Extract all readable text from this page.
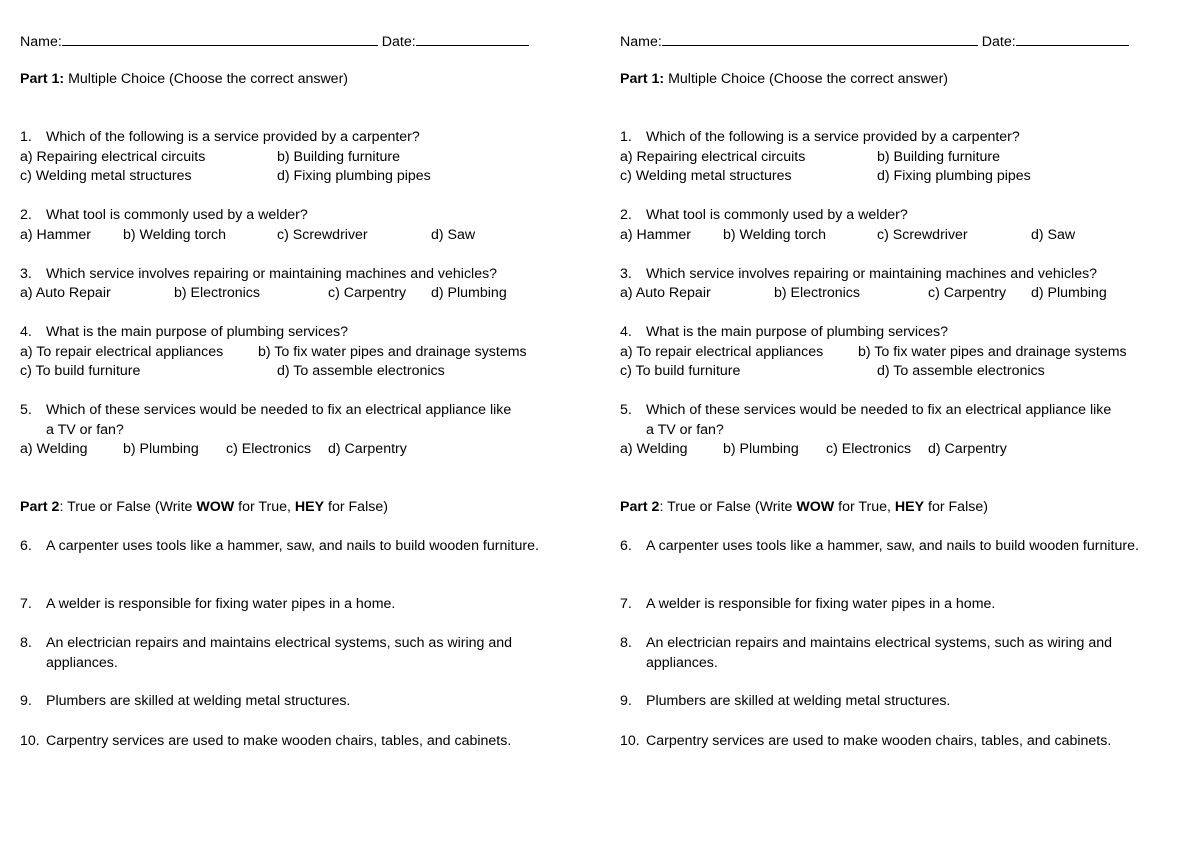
Name:	Date:
Part 1: Multiple Choice (Choose the correct answer)
1. Which of the following is a service provided by a carpenter?
a) Repairing electrical circuits	b) Building furniture
c) Welding metal structures	d) Fixing plumbing pipes
2. What tool is commonly used by a welder?
a) Hammer b) Welding torch	c) Screwdriver	d) Saw
3. Which service involves repairing or maintaining machines and vehicles?
a) Auto Repair	b) Electronics	c) Carpentry d) Plumbing
4. What is the main purpose of plumbing services?
a) To repair electrical appliances b) To fix water pipes and drainage systems
c) To build furniture	d) To assemble electronics
5. Which of these services would be needed to fix an electrical appliance like
a TV or fan?
a) Welding b) Plumbing c) Electronics d) Carpentry
Part 2: True or False (Write WOW for True, HEY for False)
6. A carpenter uses tools like a hammer, saw, and nails to build wooden furniture.
7. A welder is responsible for fixing water pipes in a home.
8. An electrician repairs and maintains electrical systems, such as wiring and appliances.
9. Plumbers are skilled at welding metal structures.
10. Carpentry services are used to make wooden chairs, tables, and cabinets.
Name:	Date:
Part 1: Multiple Choice (Choose the correct answer)
1. Which of the following is a service provided by a carpenter?
a) Repairing electrical circuits	b) Building furniture
c) Welding metal structures	d) Fixing plumbing pipes
2. What tool is commonly used by a welder?
a) Hammer b) Welding torch	c) Screwdriver	d) Saw
3. Which service involves repairing or maintaining machines and vehicles?
a) Auto Repair	b) Electronics	c) Carpentry d) Plumbing
4. What is the main purpose of plumbing services?
a) To repair electrical appliances b) To fix water pipes and drainage systems
c) To build furniture	d) To assemble electronics
5. Which of these services would be needed to fix an electrical appliance like
a TV or fan?
a) Welding b) Plumbing c) Electronics d) Carpentry
Part 2: True or False (Write WOW for True, HEY for False)
6. A carpenter uses tools like a hammer, saw, and nails to build wooden furniture.
7. A welder is responsible for fixing water pipes in a home.
8. An electrician repairs and maintains electrical systems, such as wiring and appliances.
9. Plumbers are skilled at welding metal structures.
10. Carpentry services are used to make wooden chairs, tables, and cabinets.
